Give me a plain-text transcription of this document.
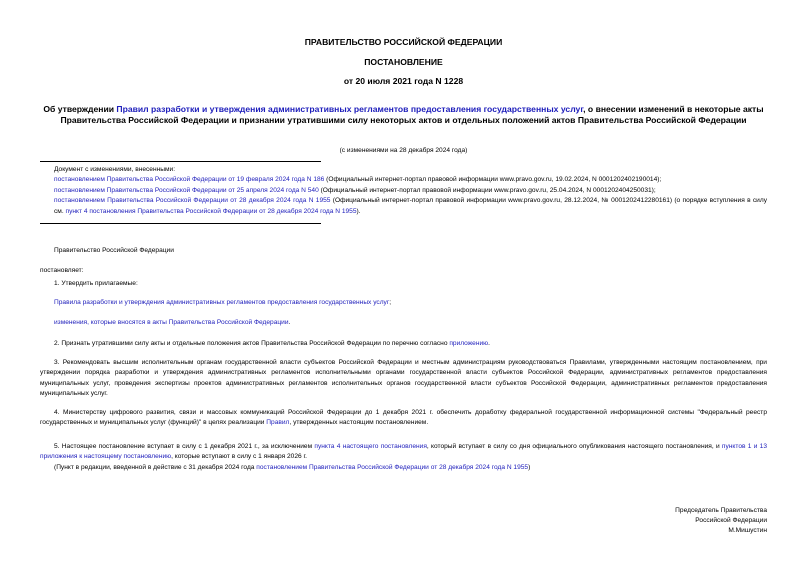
ПРАВИТЕЛЬСТВО РОССИЙСКОЙ ФЕДЕРАЦИИ
ПОСТАНОВЛЕНИЕ
от 20 июля 2021 года N 1228
Об утверждении Правил разработки и утверждения административных регламентов предоставления государственных услуг, о внесении изменений в некоторые акты Правительства Российской Федерации и признании утратившими силу некоторых актов и отдельных положений актов Правительства Российской Федерации
(с изменениями на 28 декабря 2024 года)
Документ с изменениями, внесенными:
постановлением Правительства Российской Федерации от 19 февраля 2024 года N 186 (Официальный интернет-портал правовой информации www.pravo.gov.ru, 19.02.2024, N 0001202402190014);
постановлением Правительства Российской Федерации от 25 апреля 2024 года N 540 (Официальный интернет-портал правовой информации www.pravo.gov.ru, 25.04.2024, N 0001202404250031);
постановлением Правительства Российской Федерации от 28 декабря 2024 года N 1955 (Официальный интернет-портал правовой информации www.pravo.gov.ru, 28.12.2024, № 0001202412280161) (о порядке вступления в силу см. пункт 4 постановления Правительства Российской Федерации от 28 декабря 2024 года N 1955).
Правительство Российской Федерации
постановляет:
1. Утвердить прилагаемые:
Правила разработки и утверждения административных регламентов предоставления государственных услуг;
изменения, которые вносятся в акты Правительства Российской Федерации.
2. Признать утратившими силу акты и отдельные положения актов Правительства Российской Федерации по перечню согласно приложению.
3. Рекомендовать высшим исполнительным органам государственной власти субъектов Российской Федерации и местным администрациям руководствоваться Правилами, утвержденными настоящим постановлением, при утверждении порядка разработки и утверждения административных регламентов исполнительными органами государственной власти субъектов Российской Федерации, административных регламентов предоставления муниципальных услуг, проведения экспертизы проектов административных регламентов исполнительных органов государственной власти субъектов Российской Федерации, административных регламентов предоставления муниципальных услуг.
4. Министерству цифрового развития, связи и массовых коммуникаций Российской Федерации до 1 декабря 2021 г. обеспечить доработку федеральной государственной информационной системы "Федеральный реестр государственных и муниципальных услуг (функций)" в целях реализации Правил, утвержденных настоящим постановлением.
5. Настоящее постановление вступает в силу с 1 декабря 2021 г., за исключением пункта 4 настоящего постановления, который вступает в силу со дня официального опубликования настоящего постановления, и пунктов 1 и 13 приложения к настоящему постановлению, которые вступают в силу с 1 января 2026 г.
(Пункт в редакции, введенной в действие с 31 декабря 2024 года постановлением Правительства Российской Федерации от 28 декабря 2024 года N 1955)
Председатель Правительства
Российской Федерации
М.Мишустин
